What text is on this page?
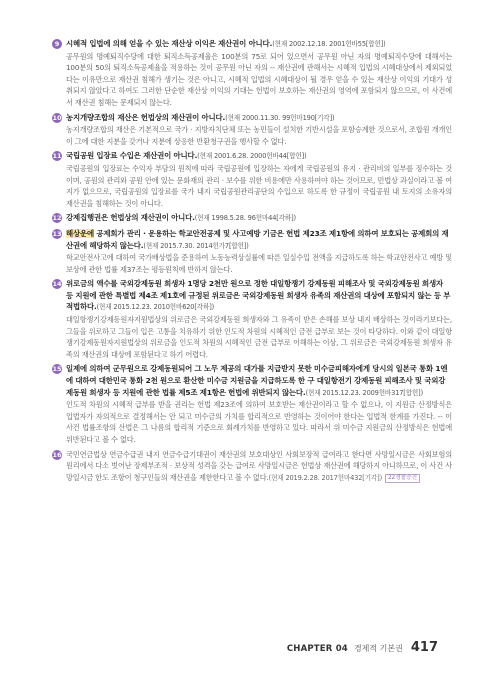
9 시혜적 입법에 의해 얻을 수 있는 재산상 이익은 재산권이 아니다.(현재 2002.12.18. 2001헌바55[합헌])
공무원의 명예퇴직수당에 대한 퇴직소득공제율은 100분의 75로 되어 있으면서 공무원 아닌 자의 명예퇴직수당에 대해서는 100분의 50의 퇴직소득공제율을 적용하는 것이 공무원 아닌 자의 -- 재산권에 관해서는 시혜적 입법의 시혜대상에서 제외되었다는 이유만으로 재산권 침해가 생기는 것은 아니고, 시혜적 입법의 시혜대상이 될 경우 얻을 수 있는 재산상 이익의 기대가 성취되지 않았다고 하여도 그러한 단순한 재산상 이익의 기대는 헌법이 보호하는 재산권의 영역에 포함되지 않으므로, 이 사건에서 재산권 침해는 문제되지 않는다.
10 농지개량조합의 재산은 헌법상의 재산권이 아니다.(현재 2000.11.30. 99헌마190[기각])
농지개량조합의 재산은 기본적으로 국가 · 지방자치단체 또는 농민들이 설치한 기반시설을 포함승계한 것으로서, 조합원 개개인이 그에 대한 지분을 갖거나 지분에 상응한 반환청구권을 행사할 수 없다.
11 국립공원 입장료 수입은 재산권이 아니다.(현재 2001.6.28. 2000헌바44[합헌])
국립공원의 입장료는 수익자 부담의 원칙에 따라 국립공원에 입장하는 자에게 국립공원의 유지 · 관리비의 일부를 징수하는 것이며, 공원의 관리와 공원 안에 있는 문화재의 관리 · 보수를 위한 비용에만 사용하여야 하는 것이므로, 민법상 과실이라고 볼 여지가 없으므로, 국립공원의 입장료를 국가 내지 국립공원관리공단의 수입으로 하도록 한 규정이 국립공원 내 토지의 소유자의 재산권을 침해하는 것이 아니다.
12 강제집행권은 헌법상의 재산권이 아니다.(현재 1998.5.28. 96헌마44[각하])
13 해상운에 공제회가 관리 · 운용하는 학교안전공제 및 사고예방 기금은 헌법 제23조 제1항에 의하여 보호되는 공제회의 재산권에 해당하지 않는다.(현재 2015.7.30. 2014헌가7[합헌])
학교안전사고에 대하여 국가배상법을 준용하여 노동능력상실률에 따른 일실수입 전액을 지급하도록 하는 학교안전사고 예방 및 보상에 관한 법률 제37조는 평등원칙에 반하지 않는다.
14 위로금의 액수를 국외강제동원 희생자 1명당 2천만 원으로 정한 대일항쟁기 강제동원 피해조사 및 국외강제동원 희생자 등 지원에 관한 특별법 제4조 제1호에 규정된 위로금은 국외강제동원 희생자 유족의 재산권의 대상에 포함되지 않는 등 부적법하다.(현재 2015.12.23. 2010헌바620[각하])
대일항쟁기강제동원자지원법상의 위로금은 국외강제동원 희생자와 그 유족이 받은 손해를 보상 내지 배상하는 것이라기보다는, 그들을 위로하고 그들이 입은 고통을 치유하기 위한 인도적 차원의 시혜적인 금전 급부로 보는 것이 타당하다. 이와 같이 대일항쟁기강제동원자지원법상의 위로금을 인도적 차원의 시혜적인 금전 급부로 이해하는 이상, 그 위로금은 국외강제동원 희생자 유족의 재산권의 대상에 포함된다고 하기 어렵다.
15 일제에 의하여 군무원으로 강제동원되어 그 노무 제공의 대가를 지급받지 못한 미수금피해자에게 당시의 일본국 통화 1엔에 대하여 대한민국 통화 2천 원으로 환산한 미수금 지원금을 지급하도록 한 구 대일항전기 강제동원 피해조사 및 국외강제동원 희생자 등 지원에 관한 법률 제5조 제1항은 헌법에 위반되지 않는다.(현재 2015.12.23. 2009헌바317[합헌])
인도적 차원의 시혜적 급부를 받을 권리는 헌법 제23조에 의하여 보호받는 재산권이라고 할 수 없으나, 이 지원금 산정방식은 입법자가 자의적으로 결정해서는 안 되고 미수금의 가치를 합리적으로 반영하는 것이어야 한다는 입법적 한계를 가진다. -- 이 사건 법률조항의 산법은 그 나름의 합리적 기준으로 회례가치를 반영하고 있다. 따라서 위 미수금 지원금의 산정방식은 헌법에 위반된다고 볼 수 없다.
16 국민연금법상 연금수급권 내지 연금수급기대권이 재산권의 보호대상인 사회보장적 급여라고 한다면 사망일시금은 사회보험의 원리에서 다소 벗어난 장제부조적 · 보상적 성격을 갖는 급여로 사망일시금은 헌법상 재산권에 해당하지 아니하므로, 이 사건 사망일시금 한도 조항이 청구인들의 재산권을 제한한다고 볼 수 없다.(현재 2019.2.28. 2017헌마432[기각]) 22경찰승진
CHAPTER 04 경제적 기본권 417
